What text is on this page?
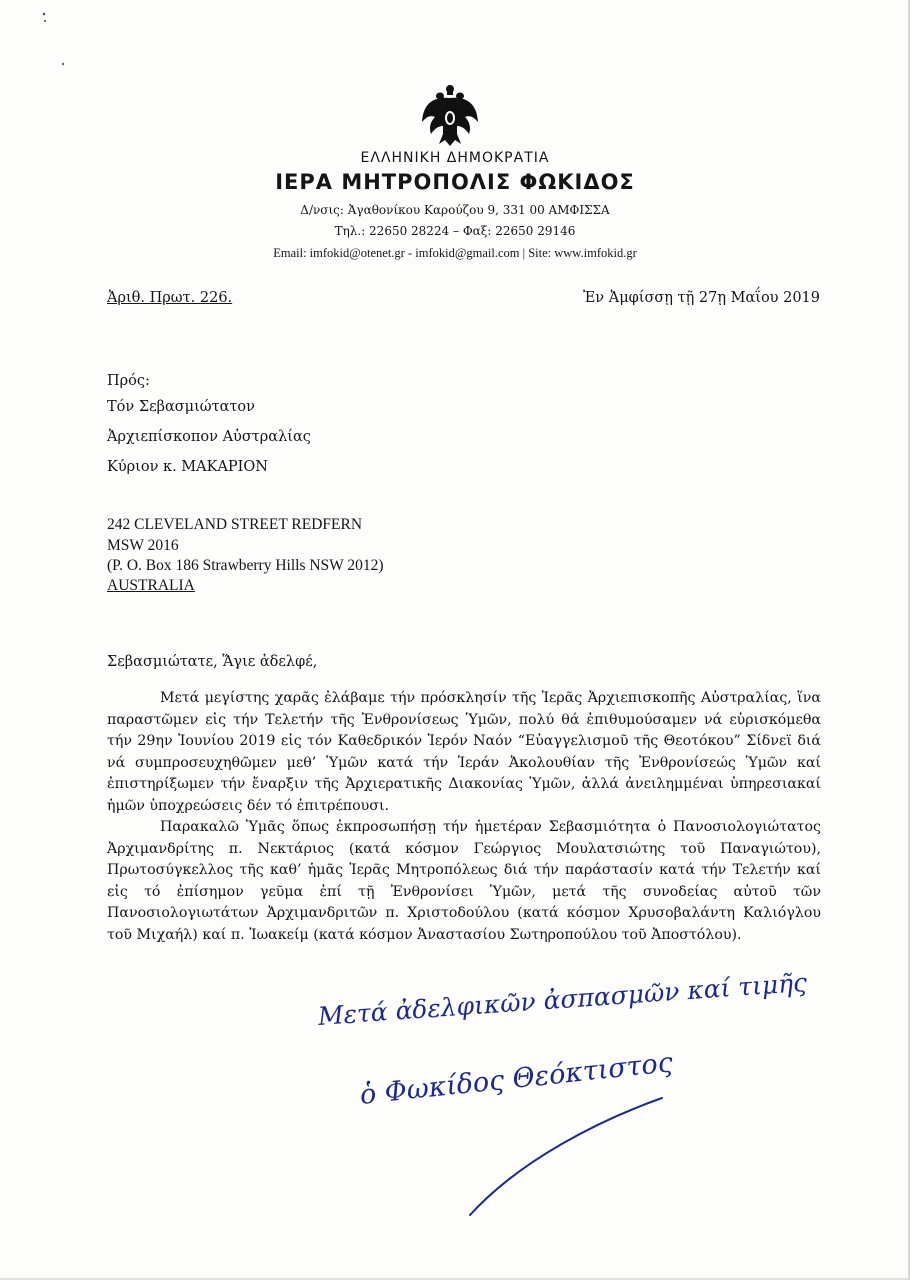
ΕΛΛΗΝΙΚΗ ΔΗΜΟΚΡΑΤΙΑ
ΙΕΡΑ ΜΗΤΡΟΠΟΛΙΣ ΦΩΚΙΔΟΣ
Δ/νσις: Ἀγαθονίκου Καρούζου 9, 331 00 ΑΜΦΙΣΣΑ
Τηλ.: 22650 28224 – Φαξ: 22650 29146
Email: imfokid@otenet.gr - imfokid@gmail.com | Site: www.imfokid.gr
Ἀριθ. Πρωτ. 226.	Ἐν Ἀμφίσσῃ τῇ 27ῃ Μαΐου 2019
Πρός:
Τόν Σεβασμιώτατον
Ἀρχιεπίσκοπον Αὐστραλίας
Κύριον κ. ΜΑΚΑΡΙΟΝ
242 CLEVELAND STREET REDFERN
MSW 2016
(P. O. Box 186 Strawberry Hills NSW 2012)
AUSTRALIA
Σεβασμιώτατε, Ἅγιε ἀδελφέ,

Μετά μεγίστης χαρᾶς ἐλάβαμε τήν πρόσκλησίν τῆς Ἱερᾶς Ἀρχιεπισκοπῆς Αὐστραλίας, ἵνα παραστῶμεν εἰς τήν Τελετήν τῆς Ἐνθρονίσεως Ὑμῶν, πολύ θά ἐπιθυμούσαμεν νά εὑρισκόμεθα τήν 29ην Ἰουνίου 2019 εἰς τόν Καθεδρικόν Ἱερόν Ναόν “Εὐαγγελισμοῦ τῆς Θεοτόκου” Σίδνεϊ διά νά συμπροσευχηθῶμεν μεθ’ Ὑμῶν κατά τήν Ἱεράν Ἀκολουθίαν τῆς Ἐνθρονίσεώς Ὑμῶν καί ἐπιστηρίξωμεν τήν ἔναρξιν τῆς Ἀρχιερατικῆς Διακονίας Ὑμῶν, ἀλλά ἀνειλημμέναι ὑπηρεσιακαί ἡμῶν ὑποχρεώσεις δέν τό ἐπιτρέπουσι.

Παρακαλῶ Ὑμᾶς ὅπως ἐκπροσωπήσῃ τήν ἡμετέραν Σεβασμιότητα ὁ Πανοσιολογιώτατος Ἀρχιμανδρίτης π. Νεκτάριος (κατά κόσμον Γεώργιος Μουλατσιώτης τοῦ Παναγιώτου), Πρωτοσύγκελλος τῆς καθ’ ἡμᾶς Ἱερᾶς Μητροπόλεως διά τήν παράστασίν κατά τήν Τελετήν καί εἰς τό ἐπίσημον γεῦμα ἐπί τῇ Ἐνθρονίσει Ὑμῶν, μετά τῆς συνοδείας αὐτοῦ τῶν Πανοσιολογιωτάτων Ἀρχιμανδριτῶν π. Χριστοδούλου (κατά κόσμον Χρυσοβαλάντη Καλιόγλου τοῦ Μιχαήλ) καί π. Ἰωακείμ (κατά κόσμον Ἀναστασίου Σωτηροπούλου τοῦ Ἀποστόλου).

Μετά ἀδελφικῶν ἀσπασμῶν καί τιμῆς
ὁ Φωκίδος Θεόκτιστος
